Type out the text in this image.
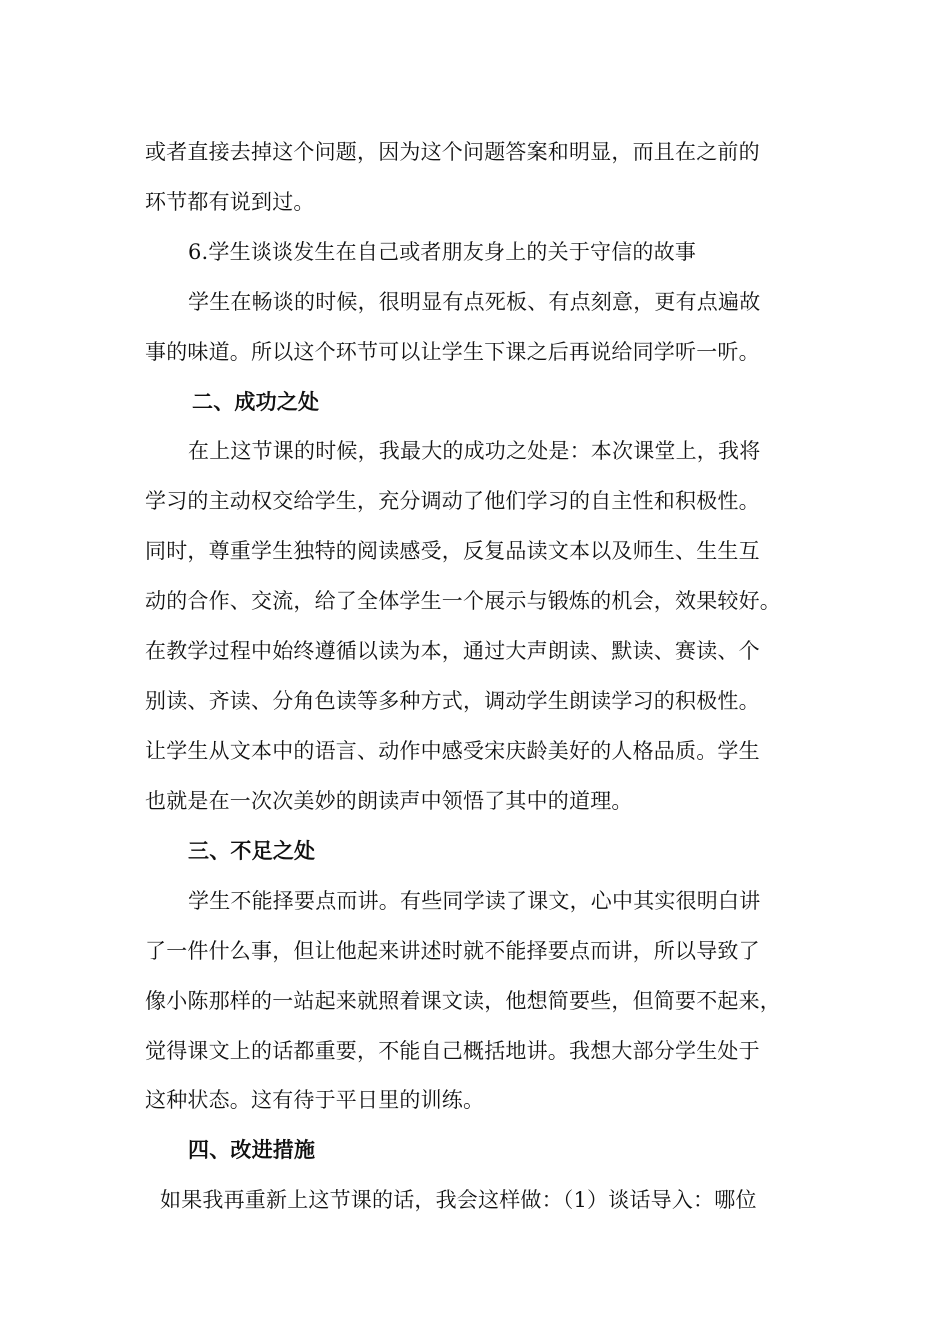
或者直接去掉这个问题，因为这个问题答案和明显，而且在之前的
环节都有说到过。
6.学生谈谈发生在自己或者朋友身上的关于守信的故事
学生在畅谈的时候，很明显有点死板、有点刻意，更有点遍故
事的味道。所以这个环节可以让学生下课之后再说给同学听一听。
二、成功之处
在上这节课的时候，我最大的成功之处是：本次课堂上，我将
学习的主动权交给学生，充分调动了他们学习的自主性和积极性。
同时，尊重学生独特的阅读感受，反复品读文本以及师生、生生互
动的合作、交流，给了全体学生一个展示与锻炼的机会，效果较好。
在教学过程中始终遵循以读为本，通过大声朗读、默读、赛读、个
别读、齐读、分角色读等多种方式，调动学生朗读学习的积极性。
让学生从文本中的语言、动作中感受宋庆龄美好的人格品质。学生
也就是在一次次美妙的朗读声中领悟了其中的道理。
三、不足之处
学生不能择要点而讲。有些同学读了课文，心中其实很明白讲
了一件什么事，但让他起来讲述时就不能择要点而讲，所以导致了
像小陈那样的一站起来就照着课文读，他想简要些，但简要不起来，
觉得课文上的话都重要，不能自己概括地讲。我想大部分学生处于
这种状态。这有待于平日里的训练。
四、改进措施
如果我再重新上这节课的话，我会这样做：（1）谈话导入：哪位
